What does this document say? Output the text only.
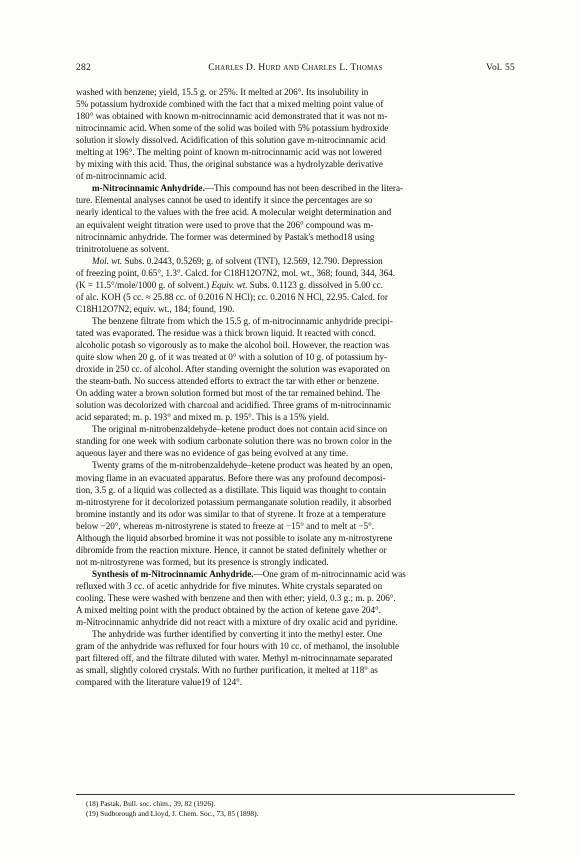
282	Charles D. Hurd and Charles L. Thomas	Vol. 55

washed with benzene; yield, 15.5 g. or 25%. It melted at 206°. Its insolubility in

5% potassium hydroxide combined with the fact that a mixed melting point value of

180° was obtained with known m-nitrocinnamic acid demonstrated that it was not m-

nitrocinnamic acid. When some of the solid was boiled with 5% potassium hydroxide

solution it slowly dissolved. Acidification of this solution gave m-nitrocinnamic acid

melting at 196°. The melting point of known m-nitrocinnamic acid was not lowered

by mixing with this acid. Thus, the original substance was a hydrolyzable derivative

of m-nitrocinnamic acid.

m-Nitrocinnamic Anhydride.—This compound has not been described in the litera-

ture. Elemental analyses cannot be used to identify it since the percentages are so

nearly identical to the values with the free acid. A molecular weight determination and

an equivalent weight titration were used to prove that the 206° compound was m-

nitrocinnamic anhydride. The former was determined by Pastak's method18 using

trinitrotoluene as solvent.

Mol. wt. Subs. 0.2443, 0.5269; g. of solvent (TNT), 12.569, 12.790. Depression

of freezing point, 0.65°, 1.3°. Calcd. for C18H12O7N2, mol. wt., 368; found, 344, 364.

(K = 11.5°/mole/1000 g. of solvent.) Equiv. wt. Subs. 0.1123 g. dissolved in 5.00 cc.

of alc. KOH (5 cc. ≈ 25.88 cc. of 0.2016 N HCl); cc. 0.2016 N HCl, 22.95. Calcd. for

C18H12O7N2, equiv. wt., 184; found, 190.

The benzene filtrate from which the 15.5 g. of m-nitrocinnamic anhydride precipi-

tated was evaporated. The residue was a thick brown liquid. It reacted with concd.

alcoholic potash so vigorously as to make the alcohol boil. However, the reaction was

quite slow when 20 g. of it was treated at 0° with a solution of 10 g. of potassium hy-

droxide in 250 cc. of alcohol. After standing overnight the solution was evaporated on

the steam-bath. No success attended efforts to extract the tar with ether or benzene.

On adding water a brown solution formed but most of the tar remained behind. The

solution was decolorized with charcoal and acidified. Three grams of m-nitrocinnamic

acid separated; m. p. 193° and mixed m. p. 195°. This is a 15% yield.

The original m-nitrobenzaldehyde–ketene product does not contain acid since on

standing for one week with sodium carbonate solution there was no brown color in the

aqueous layer and there was no evidence of gas being evolved at any time.

Twenty grams of the m-nitrobenzaldehyde–ketene product was heated by an open,

moving flame in an evacuated apparatus. Before there was any profound decomposi-

tion, 3.5 g. of a liquid was collected as a distillate. This liquid was thought to contain

m-nitrostyrene for it decolorized potassium permanganate solution readily, it absorbed

bromine instantly and its odor was similar to that of styrene. It froze at a temperature

below −20°, whereas m-nitrostyrene is stated to freeze at −15° and to melt at −5°.

Although the liquid absorbed bromine it was not possible to isolate any m-nitrostyrene

dibromide from the reaction mixture. Hence, it cannot be stated definitely whether or

not m-nitrostyrene was formed, but its presence is strongly indicated.

Synthesis of m-Nitrocinnamic Anhydride.—One gram of m-nitrocinnamic acid was

refluxed with 3 cc. of acetic anhydride for five minutes. White crystals separated on

cooling. These were washed with benzene and then with ether; yield, 0.3 g.; m. p. 206°.

A mixed melting point with the product obtained by the action of ketene gave 204°.

m-Nitrocinnamic anhydride did not react with a mixture of dry oxalic acid and pyridine.

The anhydride was further identified by converting it into the methyl ester. One

gram of the anhydride was refluxed for four hours with 10 cc. of methanol, the insoluble

part filtered off, and the filtrate diluted with water. Methyl m-nitrocinnamate separated

as small, slightly colored crystals. With no further purification, it melted at 118° as

compared with the literature value19 of 124°.

(18) Pastak, Bull. soc. chim., 39, 82 (1926).
(19) Sudborough and Lloyd, J. Chem. Soc., 73, 85 (1898).
